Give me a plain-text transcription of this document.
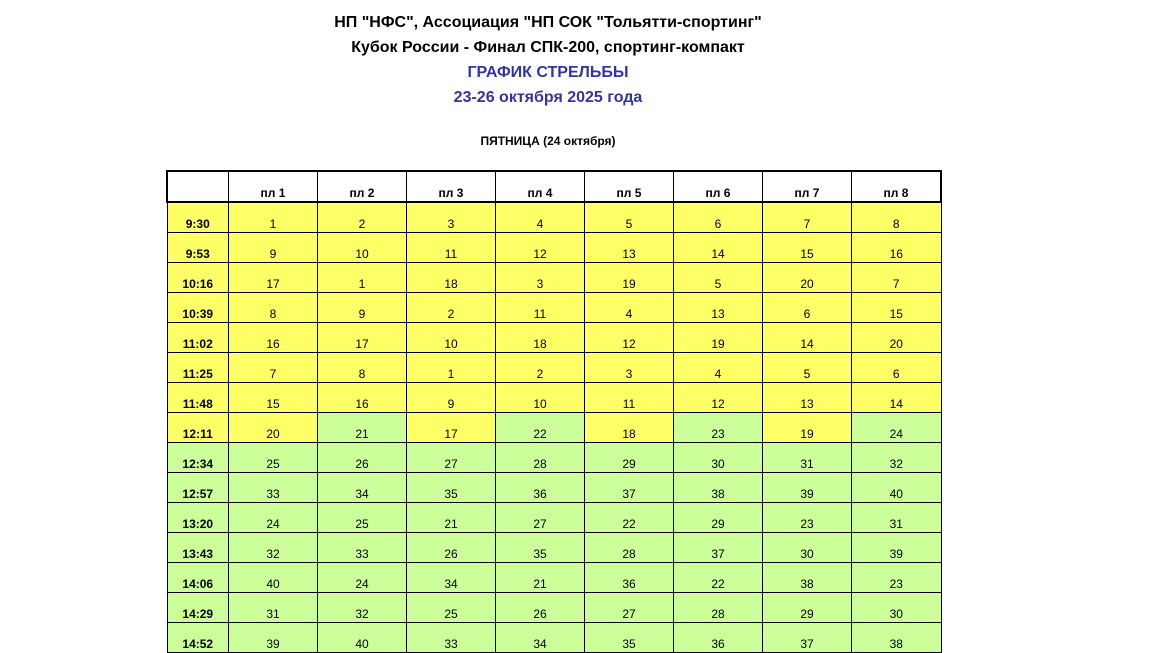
НП "НФС", Ассоциация "НП СОК "Тольятти-спортинг"
Кубок России - Финал СПК-200, спортинг-компакт
ГРАФИК СТРЕЛЬБЫ
23-26 октября 2025 года
ПЯТНИЦА (24 октября)
	пл 1	пл 2	пл 3	пл 4	пл 5	пл 6	пл 7	пл 8
9:30	1	2	3	4	5	6	7	8
9:53	9	10	11	12	13	14	15	16
10:16	17	1	18	3	19	5	20	7
10:39	8	9	2	11	4	13	6	15
11:02	16	17	10	18	12	19	14	20
11:25	7	8	1	2	3	4	5	6
11:48	15	16	9	10	11	12	13	14
12:11	20	21	17	22	18	23	19	24
12:34	25	26	27	28	29	30	31	32
12:57	33	34	35	36	37	38	39	40
13:20	24	25	21	27	22	29	23	31
13:43	32	33	26	35	28	37	30	39
14:06	40	24	34	21	36	22	38	23
14:29	31	32	25	26	27	28	29	30
14:52	39	40	33	34	35	36	37	38
